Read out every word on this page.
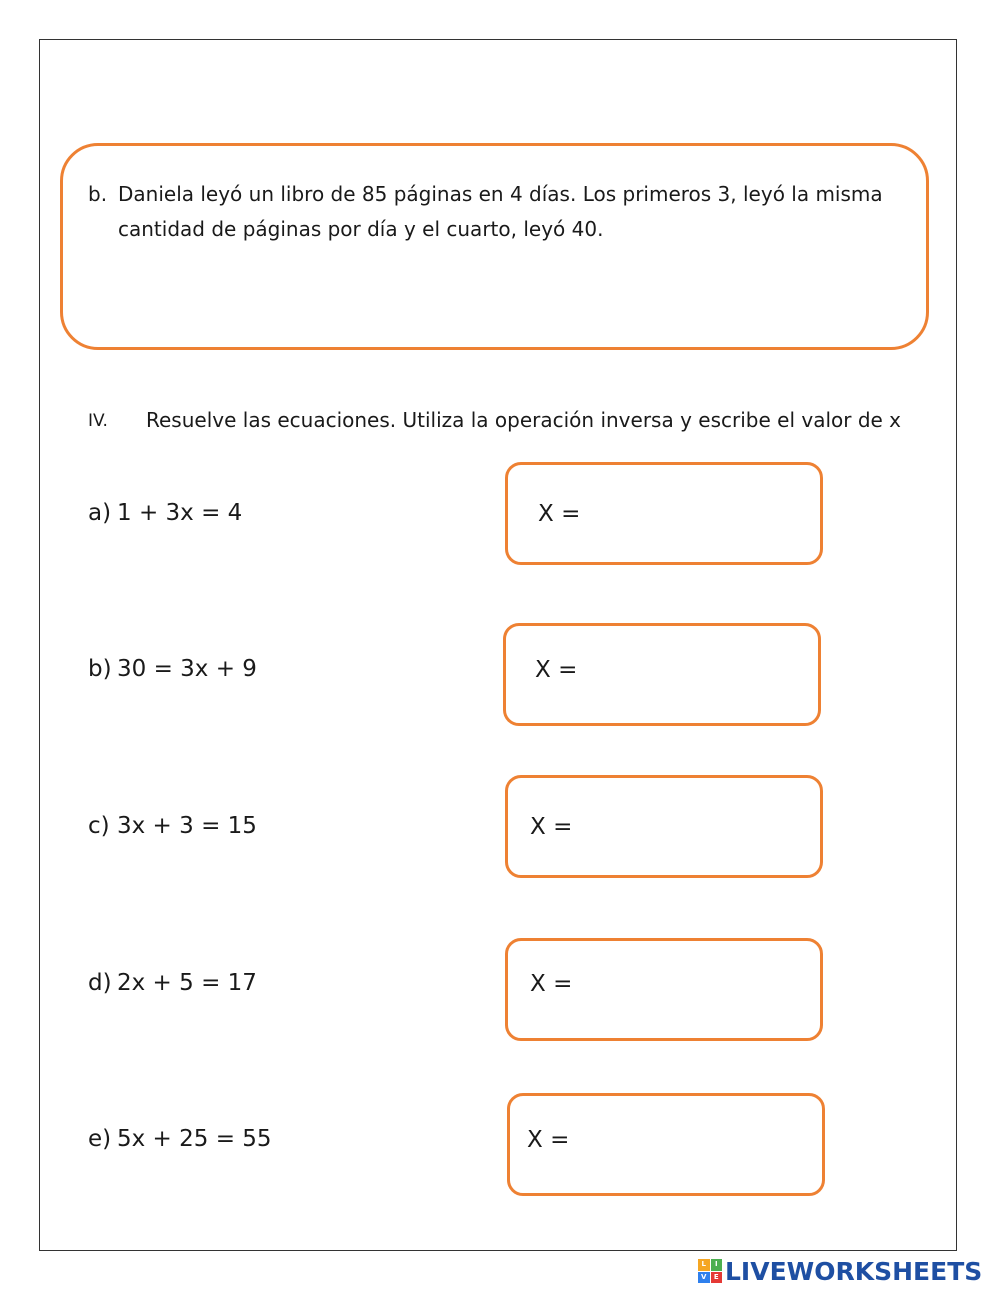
b. Daniela leyó un libro de 85 páginas en 4 días. Los primeros 3, leyó la misma cantidad de páginas por día y el cuarto, leyó 40.
IV. Resuelve las ecuaciones. Utiliza la operación inversa y escribe el valor de x
a) 1 + 3x = 4	X =
b) 30 = 3x + 9	X =
c) 3x + 3 = 15	X =
d) 2x + 5 = 17	X =
e) 5x + 25 = 55	X =
L	I
V	E LIVEWORKSHEETS
